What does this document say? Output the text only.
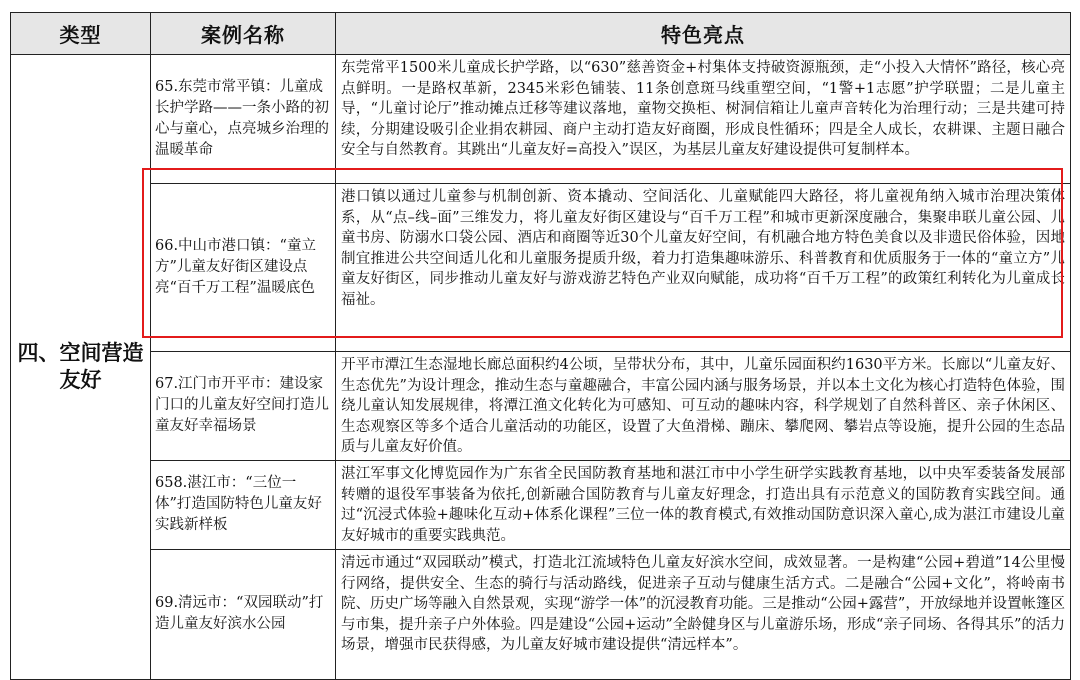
类型	案例名称	特色亮点
四、空间营造友好	65.东莞市常平镇：儿童成长护学路——一条小路的初心与童心，点亮城乡治理的温暖革命	东莞常平1500米儿童成长护学路，以“630”慈善资金+村集体支持破资源瓶颈，走“小投入大情怀”路径，核心亮点鲜明。一是路权革新，2345米彩色铺装、11条创意斑马线重塑空间，“1警+1志愿”护学联盟；二是儿童主导，“儿童讨论厅”推动摊点迁移等建议落地，童物交换柜、树洞信箱让儿童声音转化为治理行动；三是共建可持续，分期建设吸引企业捐农耕园、商户主动打造友好商圈，形成良性循环；四是全人成长，农耕课、主题日融合安全与自然教育。其跳出“儿童友好=高投入”误区，为基层儿童友好建设提供可复制样本。
	66.中山市港口镇：“童立方”儿童友好街区建设点亮“百千万工程”温暖底色	港口镇以通过儿童参与机制创新、资本撬动、空间活化、儿童赋能四大路径，将儿童视角纳入城市治理决策体系，从“点–线–面”三维发力，将儿童友好街区建设与“百千万工程”和城市更新深度融合，集聚串联儿童公园、儿童书房、防溺水口袋公园、酒店和商圈等近30个儿童友好空间，有机融合地方特色美食以及非遗民俗体验，因地制宜推进公共空间适儿化和儿童服务提质升级，着力打造集趣味游乐、科普教育和优质服务于一体的“童立方”儿童友好街区，同步推动儿童友好与游戏游艺特色产业双向赋能，成功将“百千万工程”的政策红利转化为儿童成长福祉。
	67.江门市开平市：建设家门口的儿童友好空间打造儿童友好幸福场景	开平市潭江生态湿地长廊总面积约4公顷，呈带状分布，其中，儿童乐园面积约1630平方米。长廊以“儿童友好、生态优先”为设计理念，推动生态与童趣融合，丰富公园内涵与服务场景，并以本土文化为核心打造特色体验，围绕儿童认知发展规律，将潭江渔文化转化为可感知、可互动的趣味内容，科学规划了自然科普区、亲子休闲区、生态观察区等多个适合儿童活动的功能区，设置了大鱼滑梯、蹦床、攀爬网、攀岩点等设施，提升公园的生态品质与儿童友好价值。
	658.湛江市：“三位一体”打造国防特色儿童友好实践新样板	湛江军事文化博览园作为广东省全民国防教育基地和湛江市中小学生研学实践教育基地，以中央军委装备发展部转赠的退役军事装备为依托,创新融合国防教育与儿童友好理念，打造出具有示范意义的国防教育实践空间。通过“沉浸式体验+趣味化互动+体系化课程”三位一体的教育模式,有效推动国防意识深入童心,成为湛江市建设儿童友好城市的重要实践典范。
	69.清远市：“双园联动”打造儿童友好滨水公园	清远市通过“双园联动”模式，打造北江流域特色儿童友好滨水空间，成效显著。一是构建“公园+碧道”14公里慢行网络，提供安全、生态的骑行与活动路线，促进亲子互动与健康生活方式。二是融合“公园+文化”，将岭南书院、历史广场等融入自然景观，实现“游学一体”的沉浸教育功能。三是推动“公园+露营”，开放绿地并设置帐篷区与市集，提升亲子户外体验。四是建设“公园+运动”全龄健身区与儿童游乐场，形成“亲子同场、各得其乐”的活力场景，增强市民获得感，为儿童友好城市建设提供“清远样本”。
